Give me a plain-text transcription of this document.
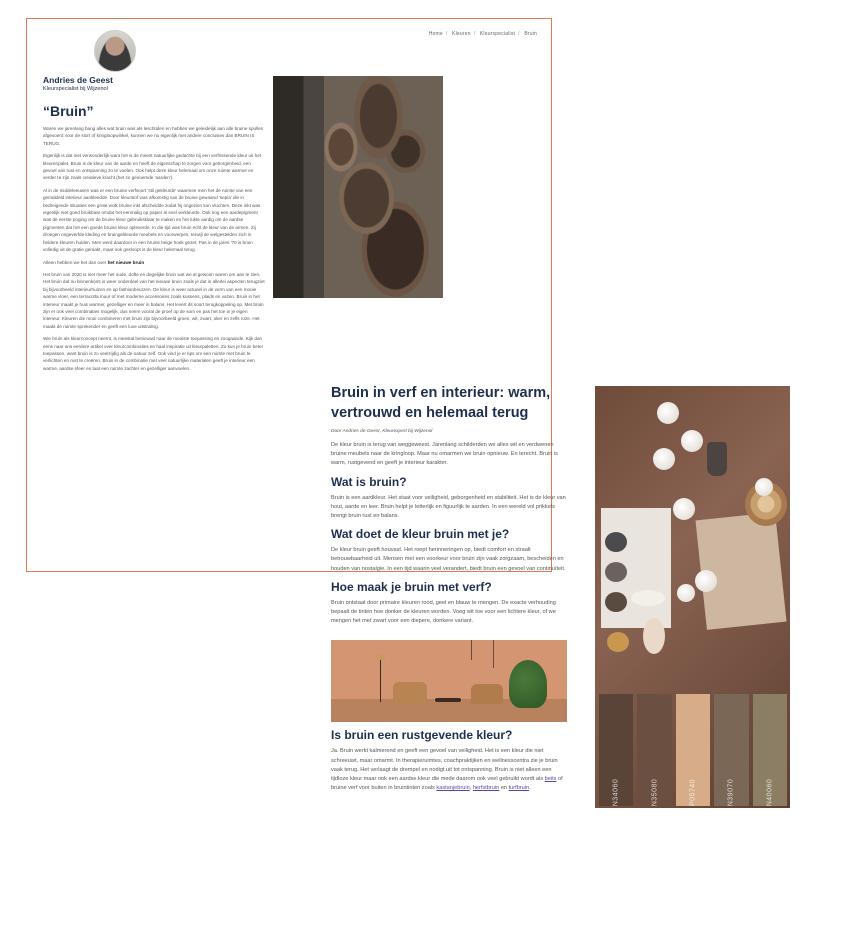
Home / Kleuren / Kleurspecialist / Bruin
Andries de Geest
Kleurspecialist bij Wijzenol
“Bruin”

Waren we jarenlang bang alles wat bruin was als leschtiden en hebben we geleidelijk aan alle bruine spullen afgevoerd voor de stort of kringloopwinkel, kunnen we nu eigenlijk met andere conclusies dan BRUIN IS TERUG.

Eigenlijk is dat niet verwonderlijk want het is de meest natuurlijke gedachte bij een verfrissende kleur uit het kleurenpalet. Bruin is de kleur van de aarde en heeft de eigenschap te zorgen voor geborgenheid, een gevoel van rust en ontspanning zo te voelen. Ook helpt deze kleur helemaal om onze ruimte warmer en verder te zijn zoals creatieve kracht (het zo genoemde 'aarden').

Al in de middeleeuwen was er een bruine verfsoort 'stil gekleurde' waarmee men het de ruimte van een gemiddeld interieur aankleedde. Door kleurstof was afkomstig van de bruine gewaand 'sepia' die in bedreigende situaties een grote wolk bruine inkt afscheidde zodat hij ongezien kon vluchten. Deze inkt was eigenlijk niet goed bruikbaar omdat het eenmalig op papier al snel verkleurde. Ook nog een aardepigment was de eerste poging om de bruine kleur gebruiksklaar te maken en het lukte aardig om de aardse pigmenten dat het een goede bruine kleur opleverde. In die tijd was bruin echt de kleur van de armen. Zij droegen ongeverfde kleding en bruingekleurde meubels en voorwerpen, terwijl de welgestelden zich in heldere kleuren hulden. Men werd daardoor in een bruine beige hoek gezet. Pas in de jaren '70 is bruin volledig uit de gratie geraakt, maar ook gesloopt is de kleur helemaal terug.

Alleen hebben we het dan over het nieuwe bruin

Het bruin van 2020 is niet meer het oude, dofte en degelijke bruin wat we al gewoon waren om aan te zien. Het bruin dat nu binnenkomt is weer onderdeel van het nieuwe bruin zoals je dat in allerlei aspecten terugziet bij bijvoorbeeld interieurhuizen en op fashionbeurzen. De kleur is weer actueel in de vorm van een mooie warme vloer, een terracotta muur of met moderne accessoires zoals kussens, plaids en vazen. Bruin in het interieur maakt je huis warmer, gezelliger en meer in balans. Het levert dit soort terugkoppeling op. Met bruin zijn er ook veel combinaties mogelijk, dus neem vooral de proef op de som en pas het toe in je eigen interieur. Kleuren die mooi combineren met bruin zijn bijvoorbeeld groen, wit, zwart, oker en zelfs roze. Het maakt de ruimte sprekender en geeft een luxe uitstraling.

Wie bruin als kleurconcept neemt, is meestal benieuwd naar de mooiste toepassing en zoogaande. Kijk dan eens naar ons eerdere artikel over kleurcombinaties en haal inspiratie uit kleurpaletten. Zo kun je bruin beter toepassen, want bruin is zo veelzijdig als de natuur zelf. Ook vind je er tips om een ruimte met bruin te verlichten en rust te creëren. Bruin in de combinatie met veel natuurlijke materialen geeft je interieur een warme, aardse sfeer en laat een ruimte zachter en gezelliger aanvoelen.

Bruin in verf en interieur: warm, vertrouwd en helemaal terug

Door Andries de Geest, Kleurexpert bij Wijzenol

De kleur bruin is terug van weggeweest. Jarenlang schilderden we alles wit en verdwenen bruine meubels naar de kringloop. Maar nu omarmen we bruin opnieuw. En terecht. Bruin is warm, rustgevend en geeft je interieur karakter.

Wat is bruin?

Bruin is een aardkleur. Het staat voor veiligheid, geborgenheid en stabiliteit. Het is de kleur van hout, aarde en leer. Bruin helpt je letterlijk en figuurlijk te aarden. In een wereld vol prikkels brengt bruin rust en balans.

Wat doet de kleur bruin met je?

De kleur bruin geeft houvast. Het roept herinneringen op, biedt comfort en straalt betrouwbaarheid uit. Mensen met een voorkeur voor bruin zijn vaak zorgzaam, bescheiden en houden van nostalgie. In een tijd waarin veel verandert, biedt bruin een gevoel van continuïteit.

Hoe maak je bruin met verf?

Bruin ontstaat door primaire kleuren rood, geel en blauw te mengen. De exacte verhouding bepaalt de tinten hoe donker de kleuren worden. Voeg wit toe voor een lichtere kleur, of we mengen het met zwart voor een diepere, donkere variant.

Is bruin een rustgevende kleur?

Ja. Bruin werkt kalmerend en geeft een gevoel van veiligheid. Het is een kleur die niet schreeuwt, maar omarmt. In therapieruimtes, coachpraktijken en wellnesscentra zie je bruin vaak terug. Het verlaagt de drempel en nodigt uit tot ontspanning. Bruin is niet alleen een tijdloze kleur maar ook een aardse kleur die mede daarom ook veel gebruikt wordt als beits of bruine verf voor buiten in bruintinten zoals kastanjebruin, herfstbruin en turfbruin.	N34060	N35080	P05740	N39070	N40060
